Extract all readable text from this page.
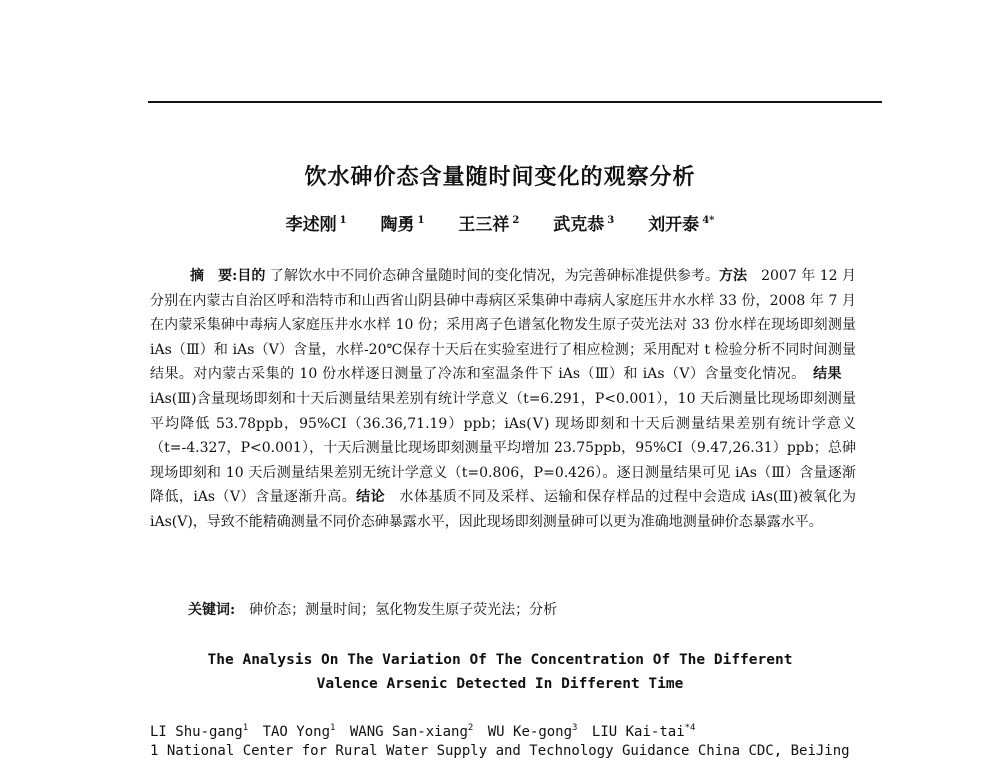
饮水砷价态含量随时间变化的观察分析
李述刚 $^1$ 陶勇 $^1$ 王三祥 $^2$ 武克恭 $^3$ 刘开泰 $^{4*}$
摘　要:目的 了解饮水中不同价态砷含量随时间的变化情况，为完善砷标准提供参考。方法　2007 年 12 月分别在内蒙古自治区呼和浩特市和山西省山阴县砷中毒病区采集砷中毒病人家庭压井水水样 33 份，2008 年 7 月在内蒙采集砷中毒病人家庭压井水水样 10 份；采用离子色谱氢化物发生原子荧光法对 33 份水样在现场即刻测量 iAs（Ⅲ）和 iAs（Ⅴ）含量，水样-20℃保存十天后在实验室进行了相应检测；采用配对 t 检验分析不同时间测量结果。对内蒙古采集的 10 份水样逐日测量了冷冻和室温条件下 iAs（Ⅲ）和 iAs（Ⅴ）含量变化情况。　结果　iAs(Ⅲ)含量现场即刻和十天后测量结果差别有统计学意义（t=6.291，P<0.001），10 天后测量比现场即刻测量平均降低 53.78ppb，95%CI（36.36,71.19）ppb；iAs(Ⅴ) 现场即刻和十天后测量结果差别有统计学意义（t=-4.327，P<0.001），十天后测量比现场即刻测量平均增加 23.75ppb，95%CI（9.47,26.31）ppb；总砷现场即刻和 10 天后测量结果差别无统计学意义（t=0.806，P=0.426）。逐日测量结果可见 iAs（Ⅲ）含量逐渐降低，iAs（Ⅴ）含量逐渐升高。结论　水体基质不同及采样、运输和保存样品的过程中会造成 iAs(Ⅲ)被氧化为 iAs(Ⅴ)，导致不能精确测量不同价态砷暴露水平，因此现场即刻测量砷可以更为准确地测量砷价态暴露水平。
关键词:　砷价态；测量时间；氢化物发生原子荧光法；分析
The Analysis On The Variation Of The Concentration Of The Different
Valence Arsenic Detected In Different Time
LI Shu-gang$^1$ TAO Yong$^1$ WANG San-xiang$^2$ WU Ke-gong$^3$ LIU Kai-tai$^{*4}$
1 National Center for Rural Water Supply and Technology Guidance China CDC, BeiJing
